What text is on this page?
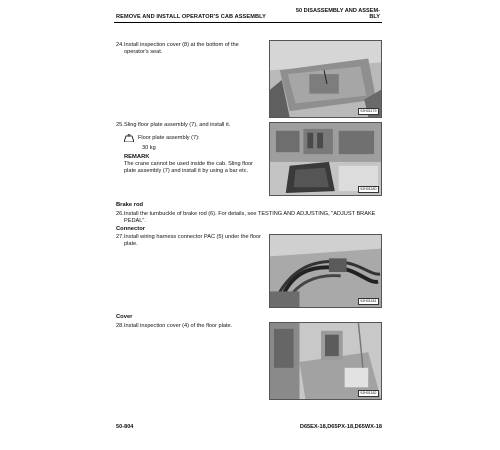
REMOVE AND INSTALL OPERATOR'S CAB ASSEMBLY
50 DISASSEMBLY AND ASSEM-
BLY
24. Install inspection cover (8) at the bottom of the operator's seat.
9JH01179
25. Sling floor plate assembly (7), and install it.
Floor plate assembly (7):
30 kg
REMARK
The crane cannot be used inside the cab. Sling floor plate assembly (7) and install it by using a bar etc.
9JH01180
Brake rod
26. Install the turnbuckle of brake rod (6). For details, see TESTING AND ADJUSTING, "ADJUST BRAKE PEDAL".
Connector
27. Install wiring harness connector PAC (5) under the floor plate.
9JH01181
Cover
28. Install inspection cover (4) of the floor plate.
9JH01182
50-804	D65EX-18,D65PX-18,D65WX-18
